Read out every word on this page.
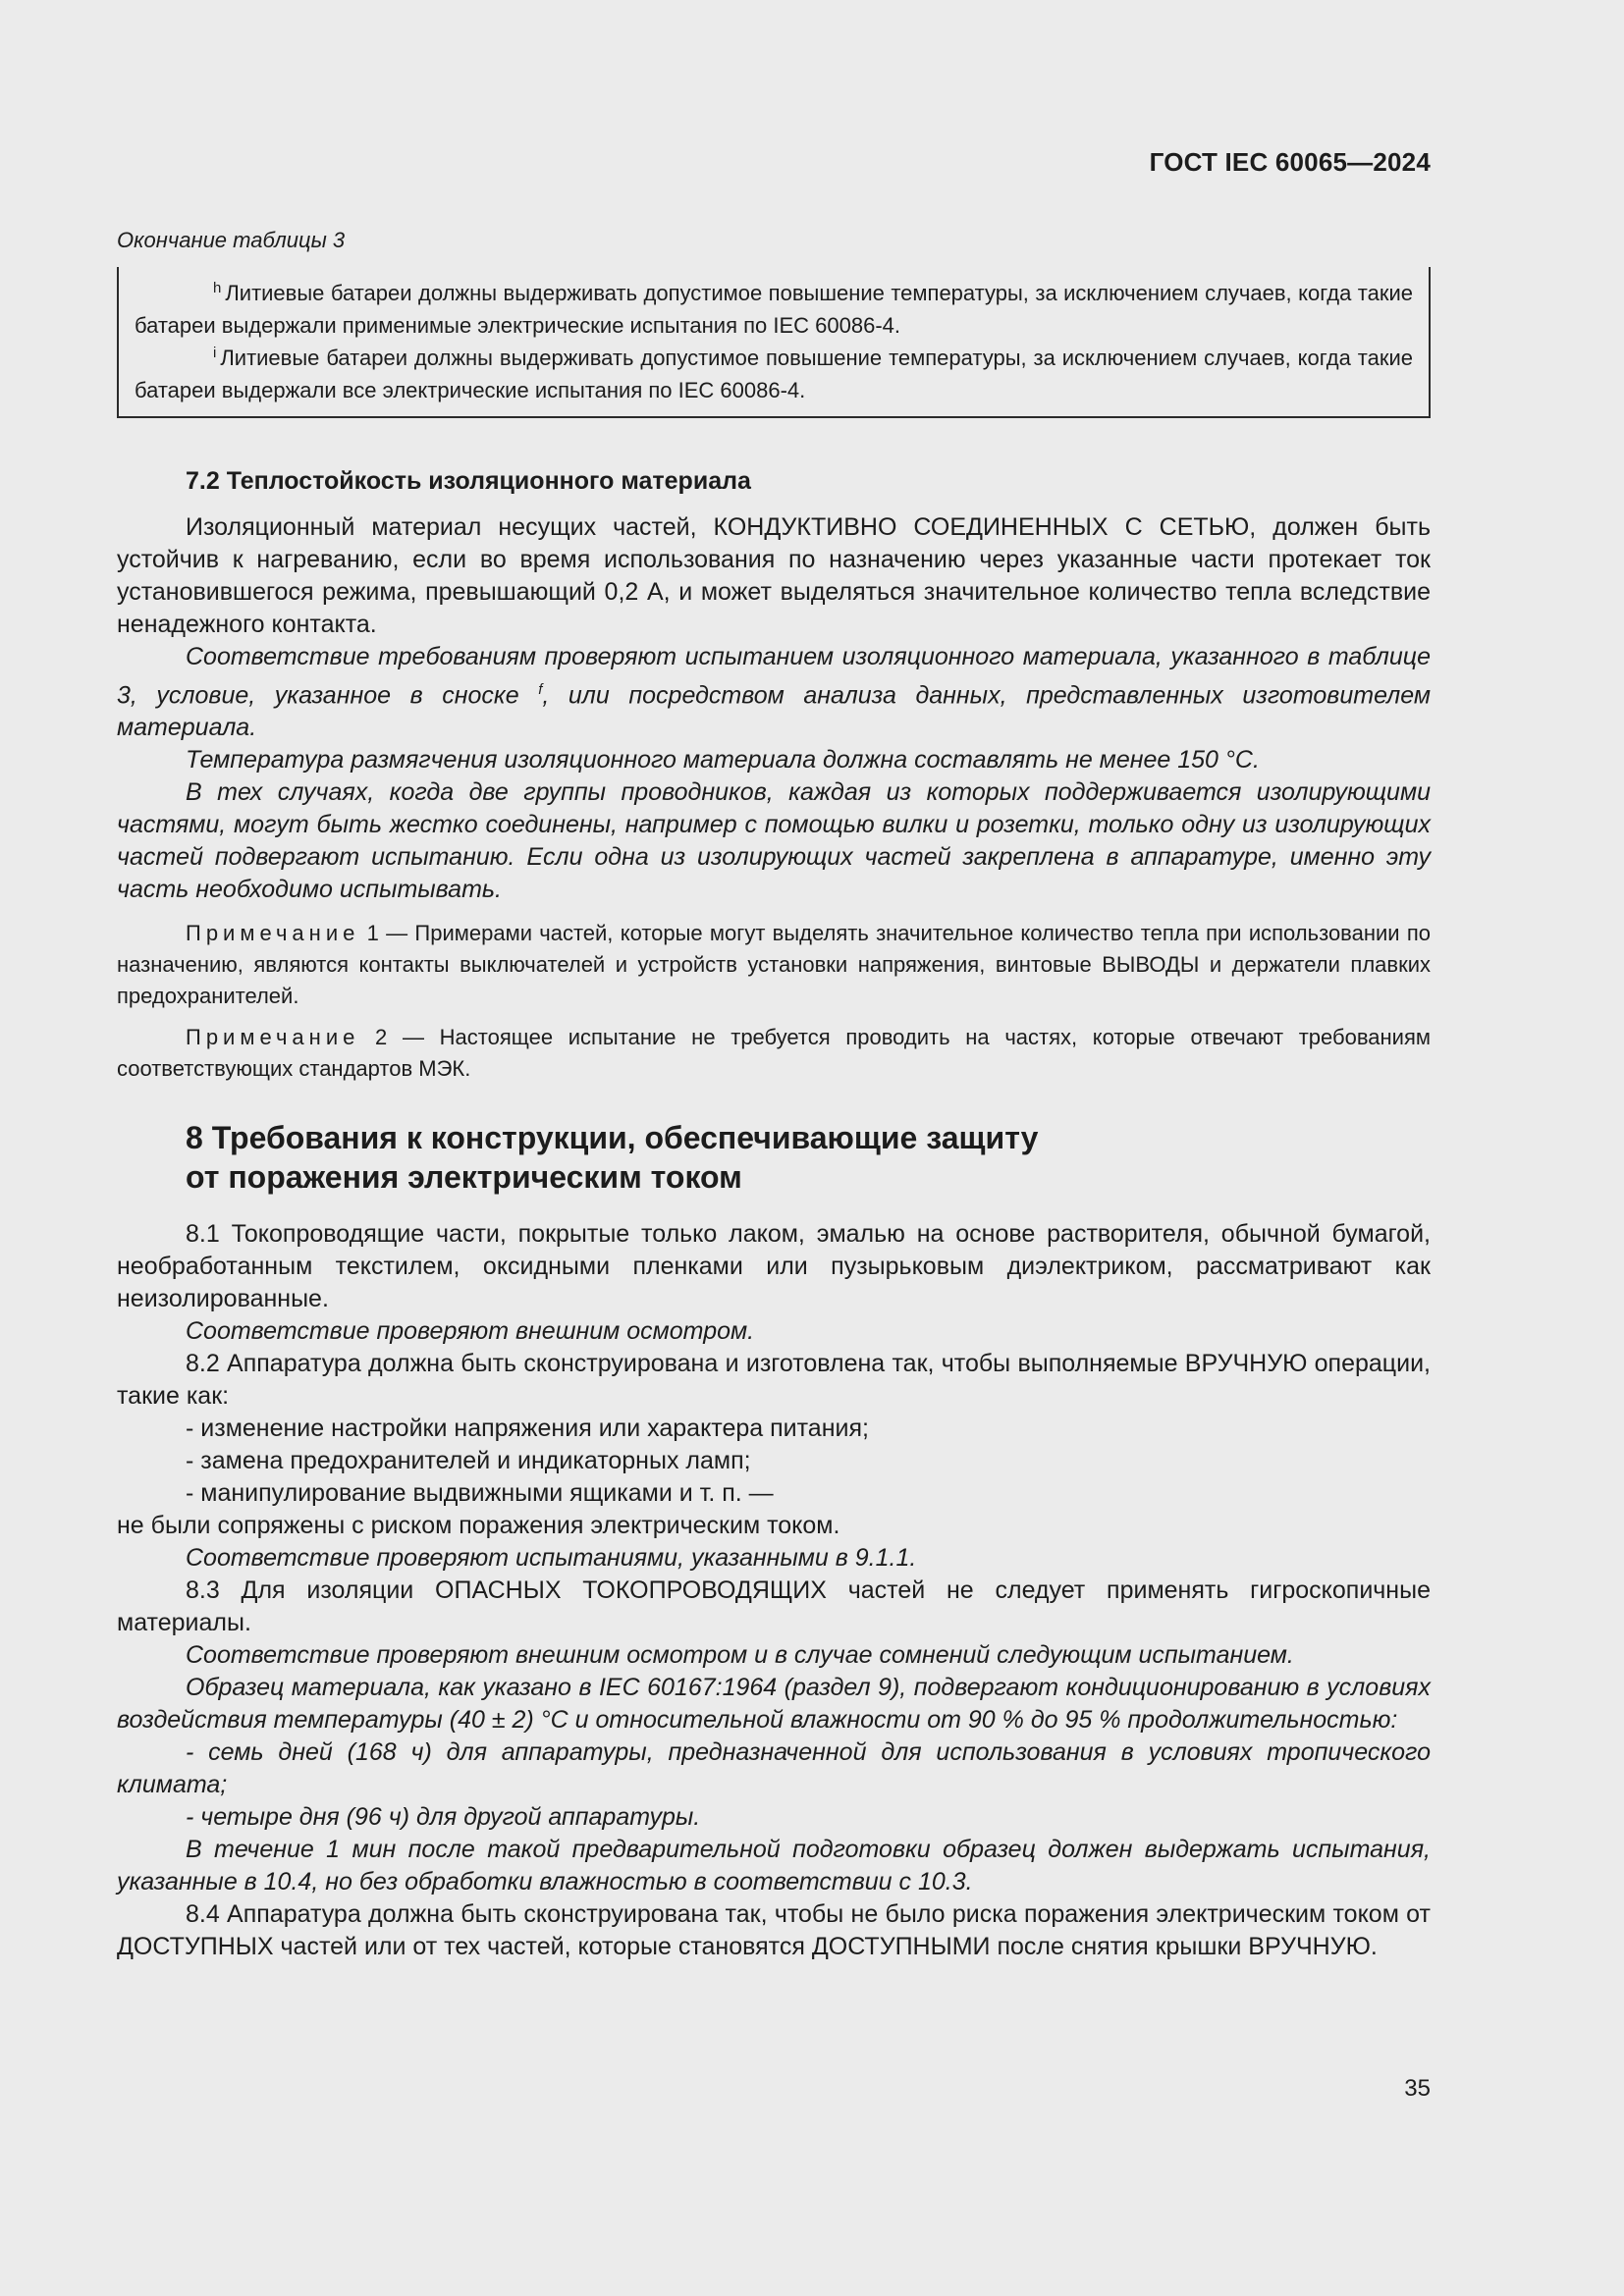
ГОСТ IEC 60065—2024
Окончание таблицы 3

$^h$ Литиевые батареи должны выдерживать допустимое повышение температуры, за исключением случаев, когда такие батареи выдержали применимые электрические испытания по IEC 60086-4.

$^i$ Литиевые батареи должны выдерживать допустимое повышение температуры, за исключением случаев, когда такие батареи выдержали все электрические испытания по IEC 60086-4.

7.2 Теплостойкость изоляционного материала

Изоляционный материал несущих частей, КОНДУКТИВНО СОЕДИНЕННЫХ С СЕТЬЮ, должен быть устойчив к нагреванию, если во время использования по назначению через указанные части протекает ток установившегося режима, превышающий 0,2 А, и может выделяться значительное количество тепла вследствие ненадежного контакта.

Соответствие требованиям проверяют испытанием изоляционного материала, указанного в таблице 3, условие, указанное в сноске $^f$, или посредством анализа данных, представленных изготовителем материала.

Температура размягчения изоляционного материала должна составлять не менее 150 °С.

В тех случаях, когда две группы проводников, каждая из которых поддерживается изолирующими частями, могут быть жестко соединены, например с помощью вилки и розетки, только одну из изолирующих частей подвергают испытанию. Если одна из изолирующих частей закреплена в аппаратуре, именно эту часть необходимо испытывать.

Примечание 1 — Примерами частей, которые могут выделять значительное количество тепла при использовании по назначению, являются контакты выключателей и устройств установки напряжения, винтовые ВЫВОДЫ и держатели плавких предохранителей.

Примечание 2 — Настоящее испытание не требуется проводить на частях, которые отвечают требованиям соответствующих стандартов МЭК.

8 Требования к конструкции, обеспечивающие защиту
от поражения электрическим током

8.1 Токопроводящие части, покрытые только лаком, эмалью на основе растворителя, обычной бумагой, необработанным текстилем, оксидными пленками или пузырьковым диэлектриком, рассматривают как неизолированные.

Соответствие проверяют внешним осмотром.

8.2 Аппаратура должна быть сконструирована и изготовлена так, чтобы выполняемые ВРУЧНУЮ операции, такие как:

- изменение настройки напряжения или характера питания;

- замена предохранителей и индикаторных ламп;

- манипулирование выдвижными ящиками и т. п. —

не были сопряжены с риском поражения электрическим током.

Соответствие проверяют испытаниями, указанными в 9.1.1.

8.3 Для изоляции ОПАСНЫХ ТОКОПРОВОДЯЩИХ частей не следует применять гигроскопичные материалы.

Соответствие проверяют внешним осмотром и в случае сомнений следующим испытанием.

Образец материала, как указано в IEC 60167:1964 (раздел 9), подвергают кондиционированию в условиях воздействия температуры (40 ± 2) °С и относительной влажности от 90 % до 95 % продолжительностью:

- семь дней (168 ч) для аппаратуры, предназначенной для использования в условиях тропического климата;

- четыре дня (96 ч) для другой аппаратуры.

В течение 1 мин после такой предварительной подготовки образец должен выдержать испытания, указанные в 10.4, но без обработки влажностью в соответствии с 10.3.

8.4 Аппаратура должна быть сконструирована так, чтобы не было риска поражения электрическим током от ДОСТУПНЫХ частей или от тех частей, которые становятся ДОСТУПНЫМИ после снятия крышки ВРУЧНУЮ.

35
